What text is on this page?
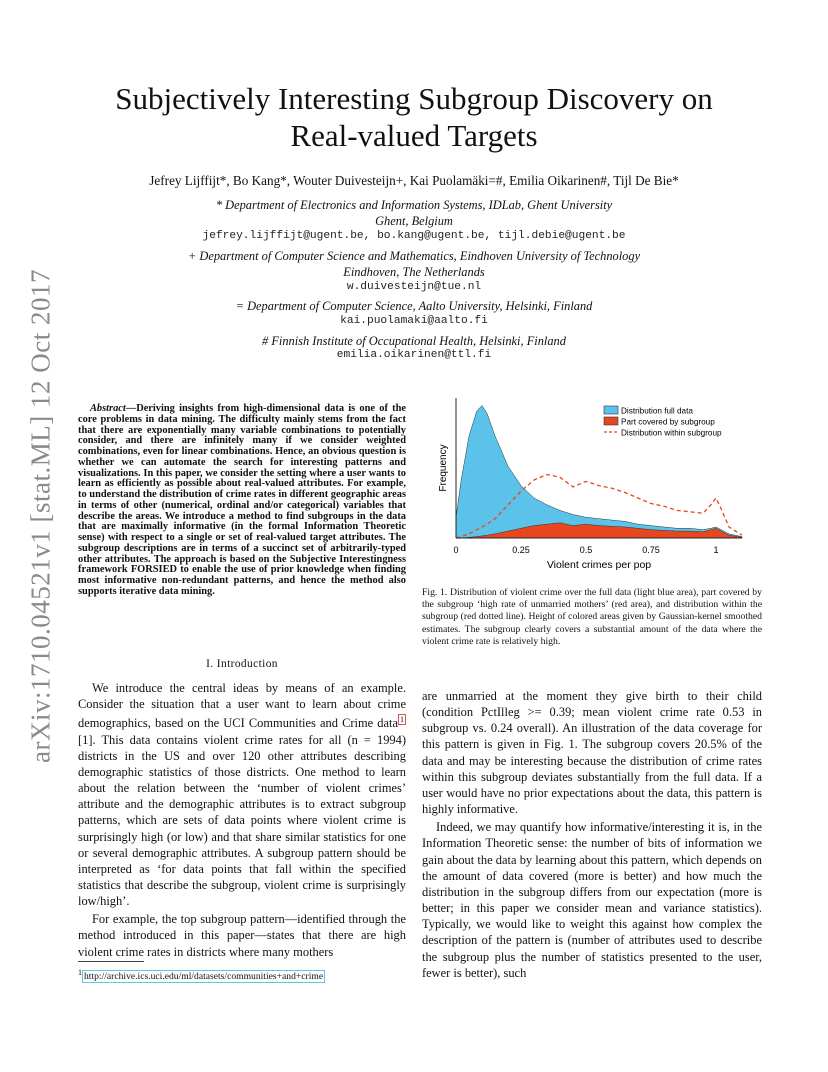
arXiv:1710.04521v1 [stat.ML] 12 Oct 2017
Subjectively Interesting Subgroup Discovery on Real-valued Targets
Jefrey Lijffijt*, Bo Kang*, Wouter Duivesteijn+, Kai Puolamäki=#, Emilia Oikarinen#, Tijl De Bie*
* Department of Electronics and Information Systems, IDLab, Ghent University
Ghent, Belgium
jefrey.lijffijt@ugent.be, bo.kang@ugent.be, tijl.debie@ugent.be
+ Department of Computer Science and Mathematics, Eindhoven University of Technology
Eindhoven, The Netherlands
w.duivesteijn@tue.nl
= Department of Computer Science, Aalto University, Helsinki, Finland
kai.puolamaki@aalto.fi
# Finnish Institute of Occupational Health, Helsinki, Finland
emilia.oikarinen@ttl.fi
Abstract—Deriving insights from high-dimensional data is one of the core problems in data mining. The difficulty mainly stems from the fact that there are exponentially many variable combinations to potentially consider, and there are infinitely many if we consider weighted combinations, even for linear combinations. Hence, an obvious question is whether we can automate the search for interesting patterns and visualizations. In this paper, we consider the setting where a user wants to learn as efficiently as possible about real-valued attributes. For example, to understand the distribution of crime rates in different geographic areas in terms of other (numerical, ordinal and/or categorical) variables that describe the areas. We introduce a method to find subgroups in the data that are maximally informative (in the formal Information Theoretic sense) with respect to a single or set of real-valued target attributes. The subgroup descriptions are in terms of a succinct set of arbitrarily-typed other attributes. The approach is based on the Subjective Interestingness framework FORSIED to enable the use of prior knowledge when finding most informative non-redundant patterns, and hence the method also supports iterative data mining.
I. Introduction

We introduce the central ideas by means of an example. Consider the situation that a user want to learn about crime demographics, based on the UCI Communities and Crime data $^1$ [1]. This data contains violent crime rates for all (n = 1994) districts in the US and over 120 other attributes describing demographic statistics of those districts. One method to learn about the relation between the ‘number of violent crimes’ attribute and the demographic attributes is to extract subgroup patterns, which are sets of data points where violent crime is surprisingly high (or low) and that share similar statistics for one or several demographic attributes. A subgroup pattern should be interpreted as ‘for data points that fall within the specified statistics that describe the subgroup, violent crime is surprisingly low/high’.

For example, the top subgroup pattern—identified through the method introduced in this paper—states that there are high violent crime rates in districts where many mothers

$^1$ http://archive.ics.uci.edu/ml/datasets/communities+and+crime

are unmarried at the moment they give birth to their child (condition PctIlleg >= 0.39; mean violent crime rate 0.53 in subgroup vs. 0.24 overall). An illustration of the data coverage for this pattern is given in Fig. 1. The subgroup covers 20.5% of the data and may be interesting because the distribution of crime rates within this subgroup deviates substantially from the full data. If a user would have no prior expectations about the data, this pattern is highly informative.

Indeed, we may quantify how informative/interesting it is, in the Information Theoretic sense: the number of bits of information we gain about the data by learning about this pattern, which depends on the amount of data covered (more is better) and how much the distribution in the subgroup differs from our expectation (more is better; in this paper we consider mean and variance statistics). Typically, we would like to weight this against how complex the description of the pattern is (number of attributes used to describe the subgroup plus the number of statistics presented to the user, fewer is better), such

0	0.25	0.5	0.75	1
Violent crimes per pop
Frequency
Distribution full data
Part covered by subgroup
Distribution within subgroup
Fig. 1. Distribution of violent crime over the full data (light blue area), part covered by the subgroup ‘high rate of unmarried mothers’ (red area), and distribution within the subgroup (red dotted line). Height of colored areas given by Gaussian-kernel smoothed estimates. The subgroup clearly covers a substantial amount of the data where the violent crime rate is relatively high.
